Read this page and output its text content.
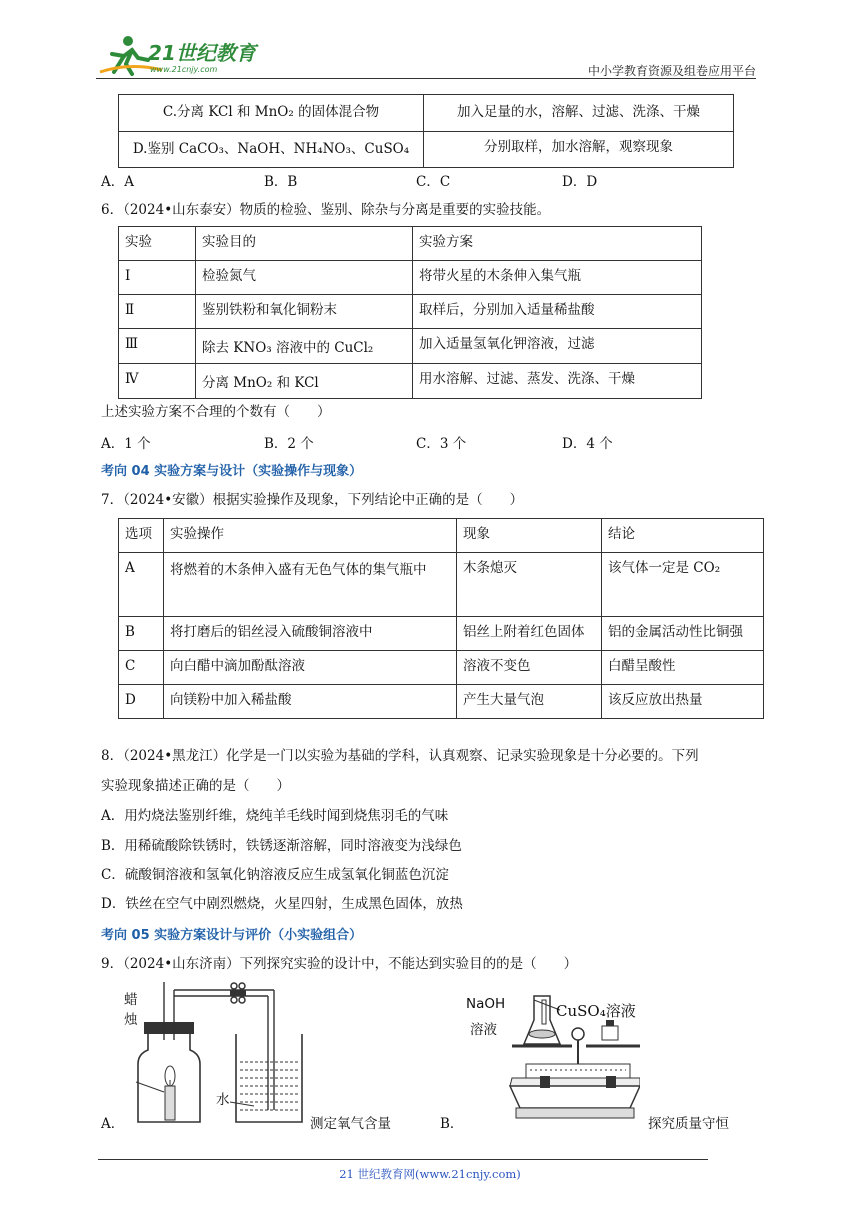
21世纪教育
www.21cnjy.com	中小学教育资源及组卷应用平台
C.分离 KCl 和 MnO₂ 的固体混合物	加入足量的水，溶解、过滤、洗涤、干燥
D.鉴别 CaCO₃、NaOH、NH₄NO₃、CuSO₄	分别取样，加水溶解，观察现象
A．A	B．B	C．C	D．D
6．（2024•山东泰安）物质的检验、鉴别、除杂与分离是重要的实验技能。
实验	实验目的	实验方案
Ⅰ	检验氮气	将带火星的木条伸入集气瓶
Ⅱ	鉴别铁粉和氧化铜粉末	取样后，分别加入适量稀盐酸
Ⅲ	除去 KNO₃ 溶液中的 CuCl₂	加入适量氢氧化钾溶液，过滤
Ⅳ	分离 MnO₂ 和 KCl	用水溶解、过滤、蒸发、洗涤、干燥
上述实验方案不合理的个数有（　　）
A．1 个	B．2 个	C．3 个	D．4 个
考向 04 实验方案与设计（实验操作与现象）
7．（2024•安徽）根据实验操作及现象，下列结论中正确的是（　　）
选项	实验操作	现象	结论
A	将燃着的木条伸入盛有无色气体的集气瓶中	木条熄灭	该气体一定是 CO₂
B	将打磨后的铝丝浸入硫酸铜溶液中	铝丝上附着红色固体	铝的金属活动性比铜强
C	向白醋中滴加酚酞溶液	溶液不变色	白醋呈酸性
D	向镁粉中加入稀盐酸	产生大量气泡	该反应放出热量
8．（2024•黑龙江）化学是一门以实验为基础的学科，认真观察、记录实验现象是十分必要的。下列
实验现象描述正确的是（　　）
A．用灼烧法鉴别纤维，烧纯羊毛线时闻到烧焦羽毛的气味
B．用稀硫酸除铁锈时，铁锈逐渐溶解，同时溶液变为浅绿色
C．硫酸铜溶液和氢氧化钠溶液反应生成氢氧化铜蓝色沉淀
D．铁丝在空气中剧烈燃烧，火星四射，生成黑色固体，放热
考向 05 实验方案设计与评价（小实验组合）
9．（2024•山东济南）下列探究实验的设计中，不能达到实验目的的是（　　）
A．
蜡
烛
水
测定氧气含量	B．
NaOH
溶液
CuSO₄溶液
探究质量守恒
21 世纪教育网(www.21cnjy.com)
